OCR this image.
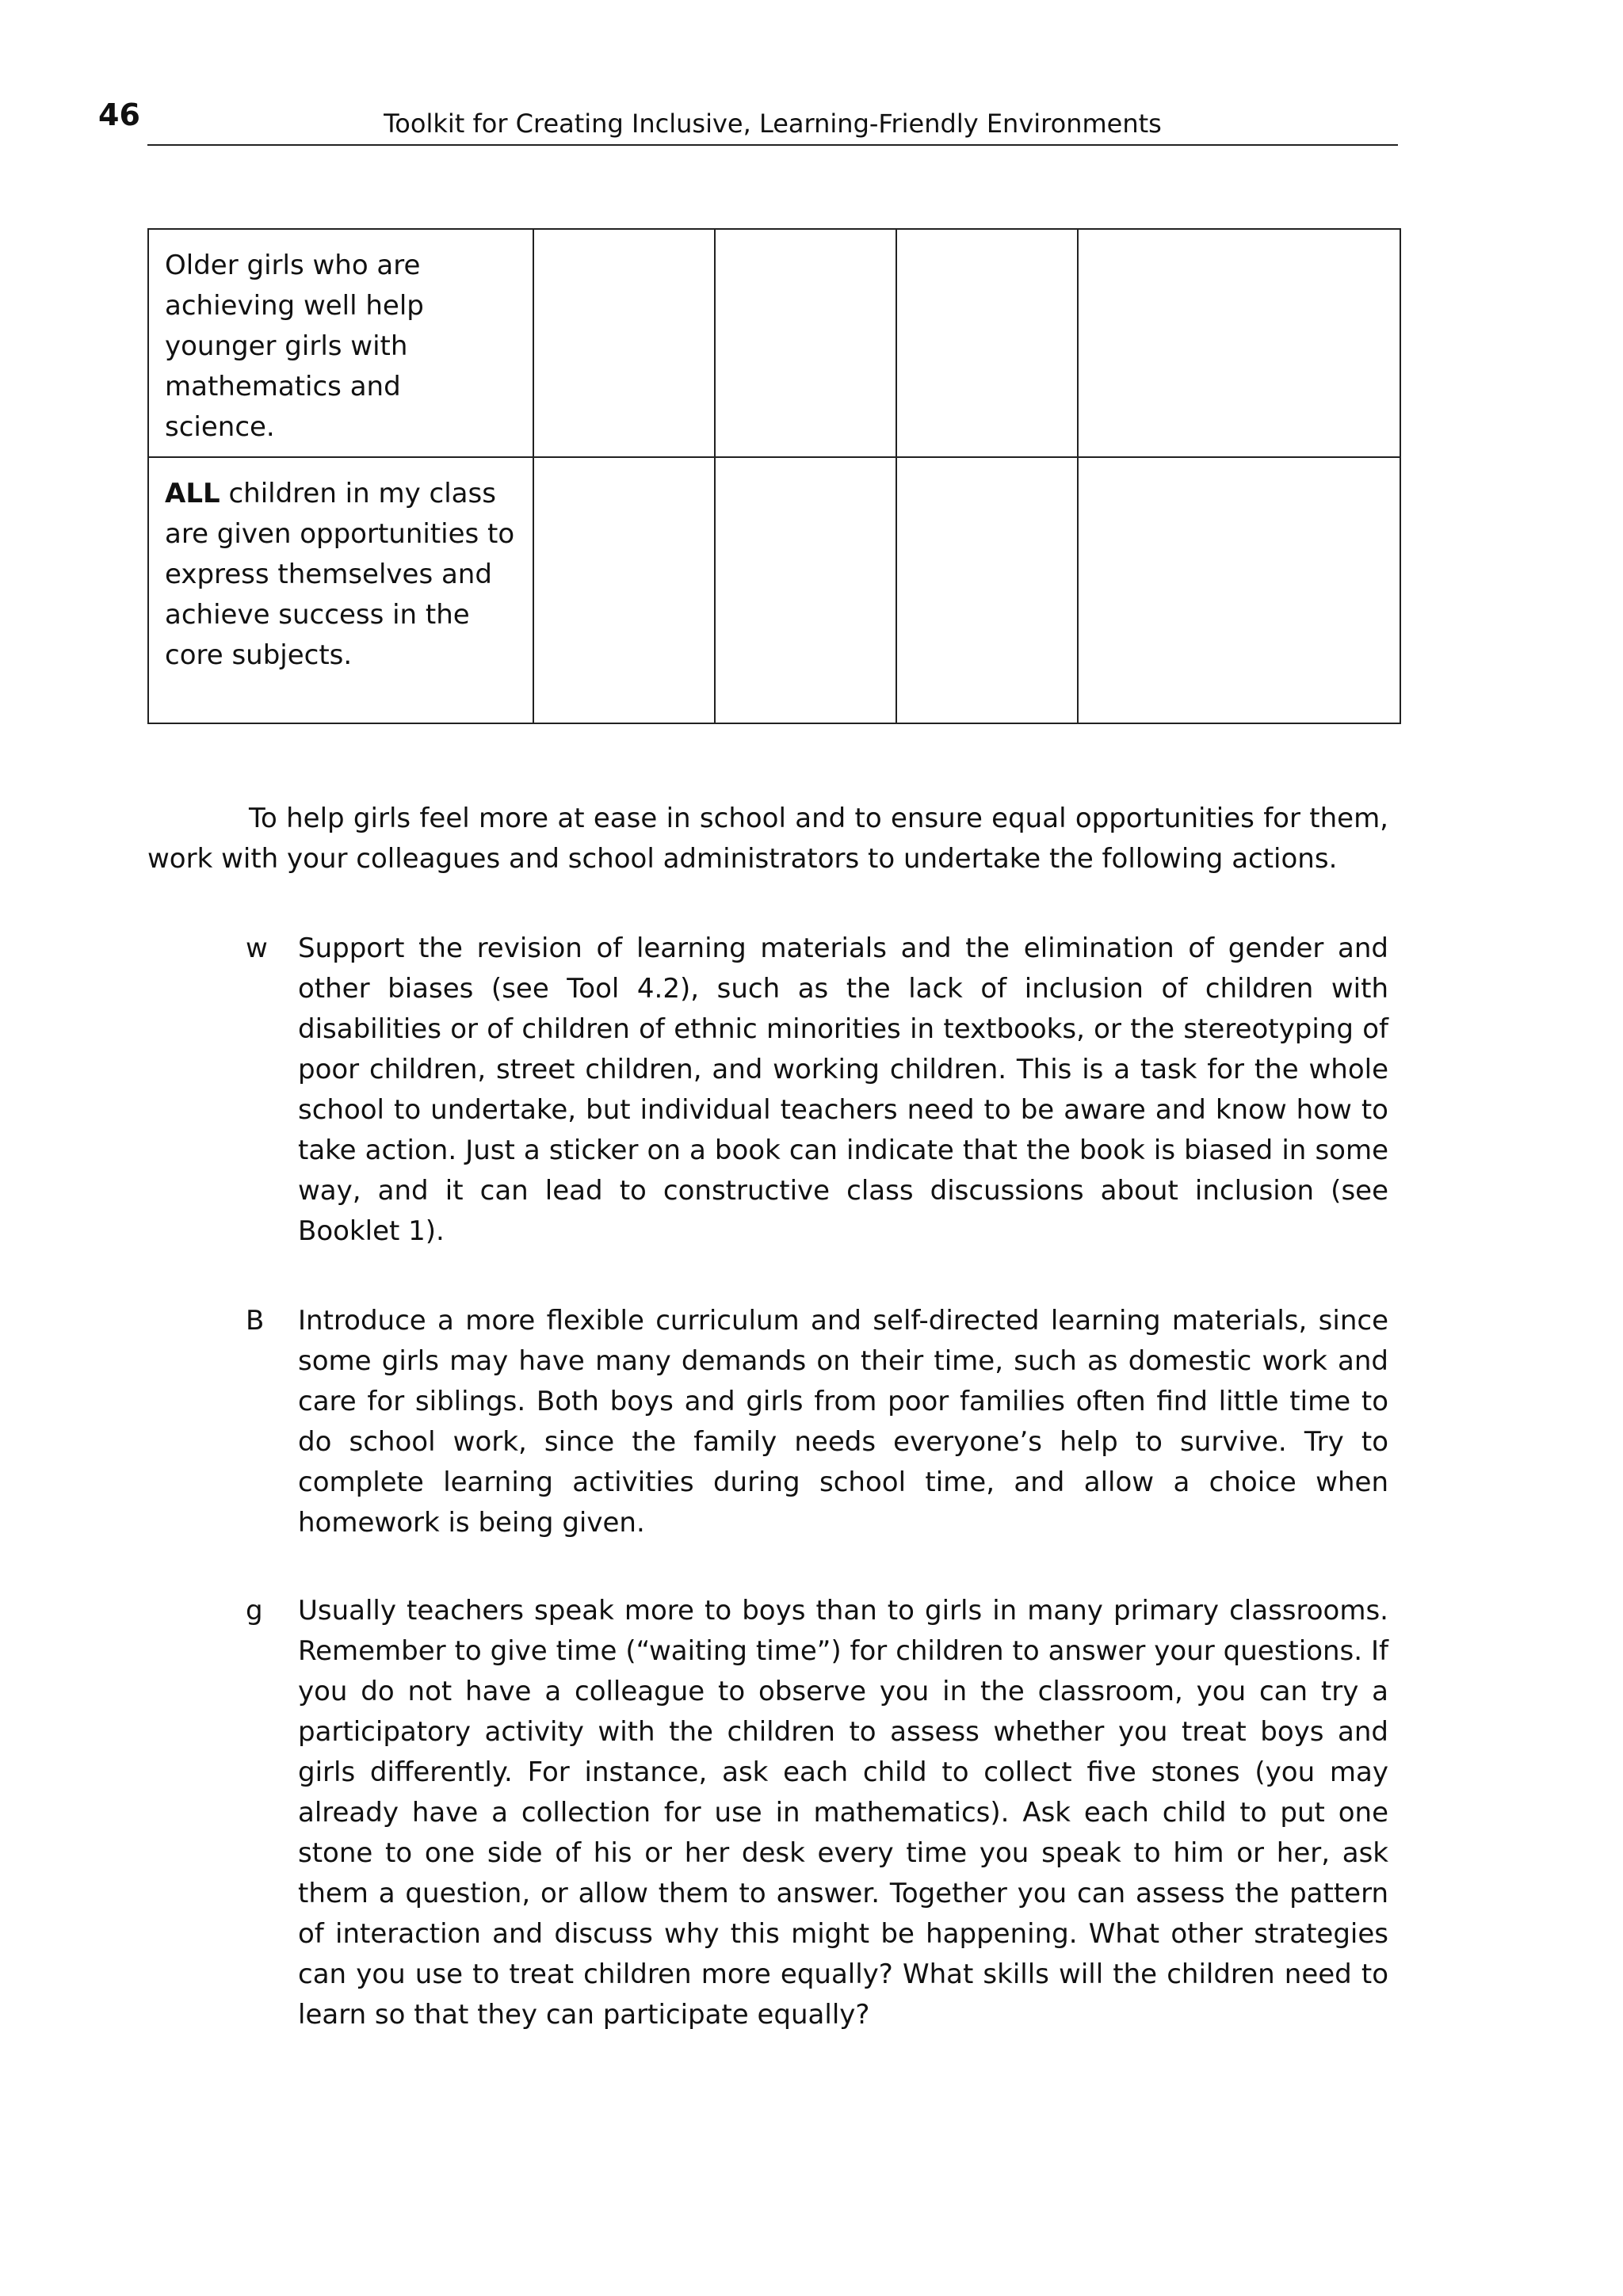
46	Toolkit for Creating Inclusive, Learning-Friendly Environments
Older girls who are achieving well help younger girls with mathematics and science.				
ALL children in my class are given opportunities to express themselves and achieve success in the core subjects.				

To help girls feel more at ease in school and to ensure equal opportunities for them, work with your colleagues and school administrators to undertake the following actions.

w	Support the revision of learning materials and the elimination of gender and other biases (see Tool 4.2), such as the lack of inclusion of children with disabilities or of children of ethnic minorities in textbooks, or the stereotyping of poor children, street children, and working children. This is a task for the whole school to undertake, but individual teachers need to be aware and know how to take action. Just a sticker on a book can indicate that the book is biased in some way, and it can lead to constructive class discussions about inclusion (see Booklet 1).
B	Introduce a more flexible curriculum and self-directed learning materials, since some girls may have many demands on their time, such as domestic work and care for siblings. Both boys and girls from poor families often find little time to do school work, since the family needs everyone’s help to survive. Try to complete learning activities during school time, and allow a choice when homework is being given.
g	Usually teachers speak more to boys than to girls in many primary classrooms. Remember to give time (“waiting time”) for children to answer your questions. If you do not have a colleague to observe you in the classroom, you can try a participatory activity with the children to assess whether you treat boys and girls differently. For instance, ask each child to collect five stones (you may already have a collection for use in mathematics). Ask each child to put one stone to one side of his or her desk every time you speak to him or her, ask them a question, or allow them to answer. Together you can assess the pattern of interaction and discuss why this might be happening. What other strategies can you use to treat children more equally? What skills will the children need to learn so that they can participate equally?
